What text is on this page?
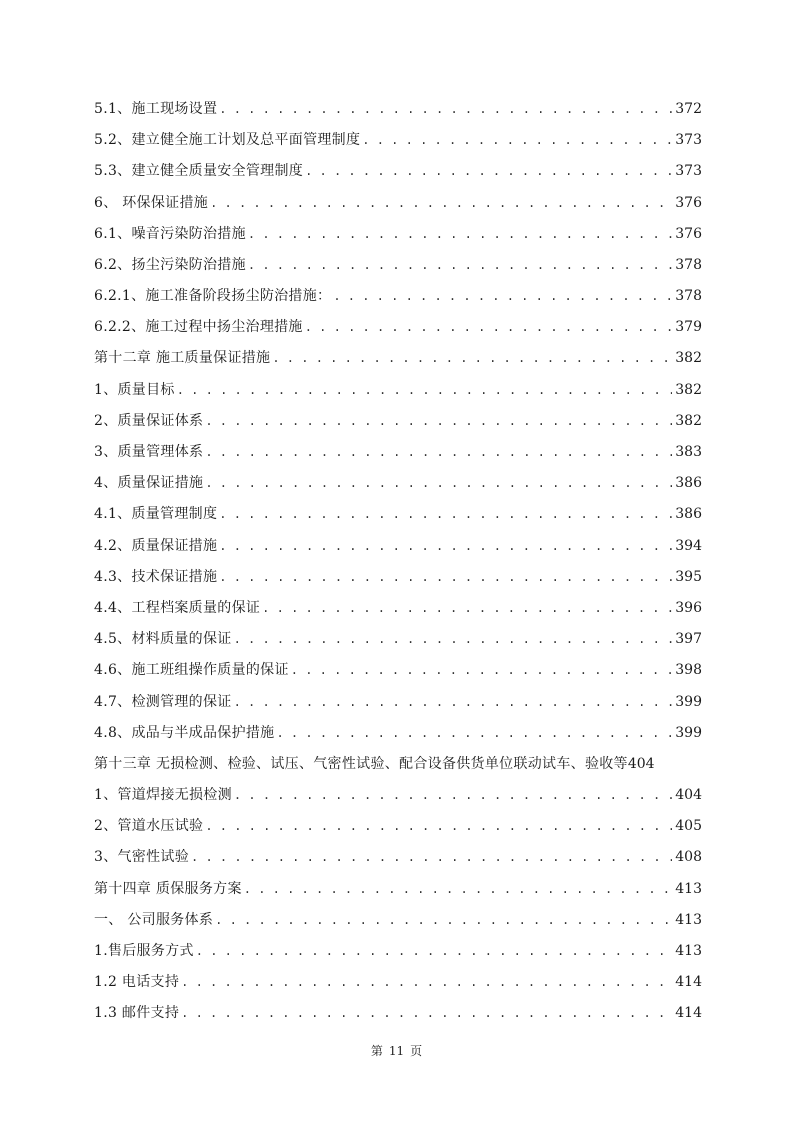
5.1、施工现场设置 . . .	372
5.2、建立健全施工计划及总平面管理制度 . . .	373
5.3、建立健全质量安全管理制度 . . .	373
6、 环保保证措施 . . .	376
6.1、噪音污染防治措施 . . .	376
6.2、扬尘污染防治措施 . . .	378
6.2.1、施工准备阶段扬尘防治措施： . . .	378
6.2.2、施工过程中扬尘治理措施 . . .	379
第十二章 施工质量保证措施 . . .	382
1、质量目标 . . .	382
2、质量保证体系 . . .	382
3、质量管理体系 . . .	383
4、质量保证措施 . . .	386
4.1、质量管理制度 . . .	386
4.2、质量保证措施 . . .	394
4.3、技术保证措施 . . .	395
4.4、工程档案质量的保证 . . .	396
4.5、材料质量的保证 . . .	397
4.6、施工班组操作质量的保证 . . .	398
4.7、检测管理的保证 . . .	399
4.8、成品与半成品保护措施 . . .	399
第十三章 无损检测、检验、试压、气密性试验、配合设备供货单位联动试车、验收等 404
1、管道焊接无损检测 . . .	404
2、管道水压试验 . . .	405
3、气密性试验 . . .	408
第十四章 质保服务方案 . . .	413
一、 公司服务体系 . . .	413
1.售后服务方式 . . .	413
1.2 电话支持 . . .	414
1.3 邮件支持 . . .	414
第 11 页
